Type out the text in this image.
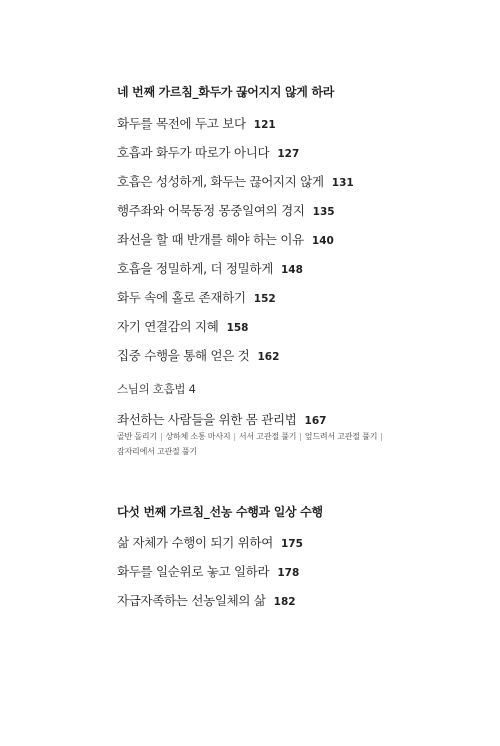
네 번째 가르침_화두가 끊어지지 않게 하라
화두를 목전에 두고 보다 121
호흡과 화두가 따로가 아니다 127
호흡은 성성하게, 화두는 끊어지지 않게 131
행주좌와 어묵동정 몽중일여의 경지 135
좌선을 할 때 반개를 해야 하는 이유 140
호흡을 정밀하게, 더 정밀하게 148
화두 속에 홀로 존재하기 152
자기 연결감의 지혜 158
집중 수행을 통해 얻은 것 162
스님의 호흡법 4
좌선하는 사람들을 위한 몸 관리법 167
골반 돌리기 | 상하체 소통 마사지 | 서서 고관절 풀기 | 엎드려서 고관절 풀기 |
잠자리에서 고관절 풀기
다섯 번째 가르침_선농 수행과 일상 수행
삶 자체가 수행이 되기 위하여 175
화두를 일순위로 놓고 일하라 178
자급자족하는 선농일체의 삶 182
